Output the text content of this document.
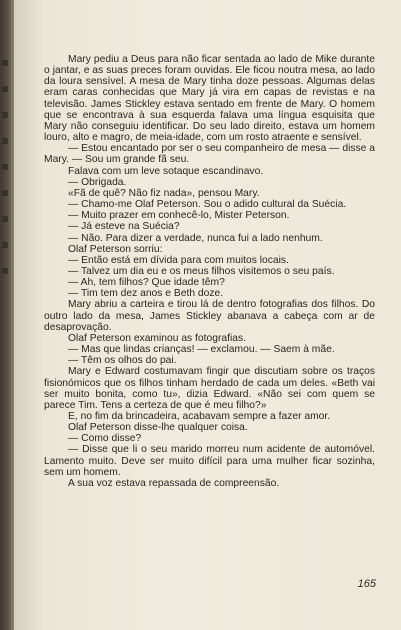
Mary pediu a Deus para não ficar sentada ao lado de Mike durante o jantar, e as suas preces foram ouvidas. Ele ficou noutra mesa, ao lado da loura sensível. A mesa de Mary tinha doze pessoas. Algumas delas eram caras conhecidas que Mary já vira em capas de revistas e na televisão. James Stickley estava sentado em frente de Mary. O homem que se encontrava à sua esquerda falava uma língua esquisita que Mary não conseguiu identificar. Do seu lado direito, estava um homem louro, alto e magro, de meia-idade, com um rosto atraente e sensível.

— Estou encantado por ser o seu companheiro de mesa — disse a Mary. — Sou um grande fã seu.

Falava com um leve sotaque escandinavo.

— Obrigada.

«Fã de quê? Não fiz nada», pensou Mary.

— Chamo-me Olaf Peterson. Sou o adido cultural da Suécia.

— Muito prazer em conhecê-lo, Mister Peterson.

— Já esteve na Suécia?

— Não. Para dizer a verdade, nunca fui a lado nenhum.

Olaf Peterson sorriu:

— Então está em dívida para com muitos locais.

— Talvez um dia eu e os meus filhos visitemos o seu país.

— Ah, tem filhos? Que idade têm?

— Tim tem dez anos e Beth doze.

Mary abriu a carteira e tirou lá de dentro fotografias dos filhos. Do outro lado da mesa, James Stickley abanava a cabeça com ar de desaprovação.

Olaf Peterson examinou as fotografias.

— Mas que lindas crianças! — exclamou. — Saem à mãe.

— Têm os olhos do pai.

Mary e Edward costumavam fingir que discutiam sobre os traços fisionómicos que os filhos tinham herdado de cada um deles. «Beth vai ser muito bonita, como tu», dizia Edward. «Não sei com quem se parece Tim. Tens a certeza de que é meu filho?»

E, no fim da brincadeira, acabavam sempre a fazer amor.

Olaf Peterson disse-lhe qualquer coisa.

— Como disse?

— Disse que li o seu marido morreu num acidente de automóvel. Lamento muito. Deve ser muito difícil para uma mulher ficar sozinha, sem um homem.

A sua voz estava repassada de compreensão.

165
